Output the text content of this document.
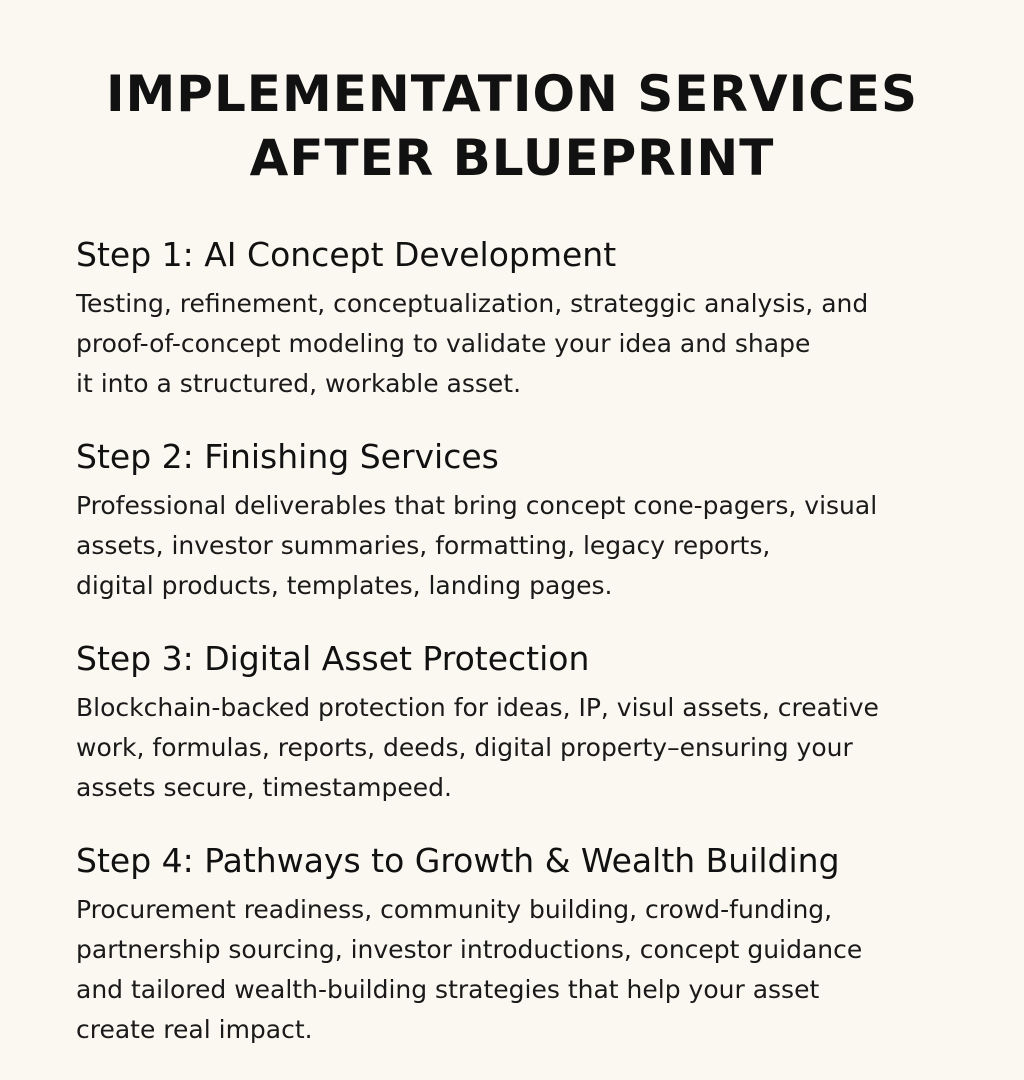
IMPLEMENTATION SERVICES
AFTER BLUEPRINT
Step 1: AI Concept Development

Testing, refinement, conceptualization, strateggic analysis, and
proof-of-concept modeling to validate your idea and shape
it into a structured, workable asset.

Step 2: Finishing Services

Professional deliverables that bring concept cone-pagers, visual
assets, investor summaries, formatting, legacy reports,
digital products, templates, landing pages.

Step 3: Digital Asset Protection

Blockchain-backed protection for ideas, IP, visul assets, creative
work, formulas, reports, deeds, digital property–ensuring your
assets secure, timestampeed.

Step 4: Pathways to Growth & Wealth Building

Procurement readiness, community building, crowd-funding,
partnership sourcing, investor introductions, concept guidance
and tailored wealth-building strategies that help your asset
create real impact.
